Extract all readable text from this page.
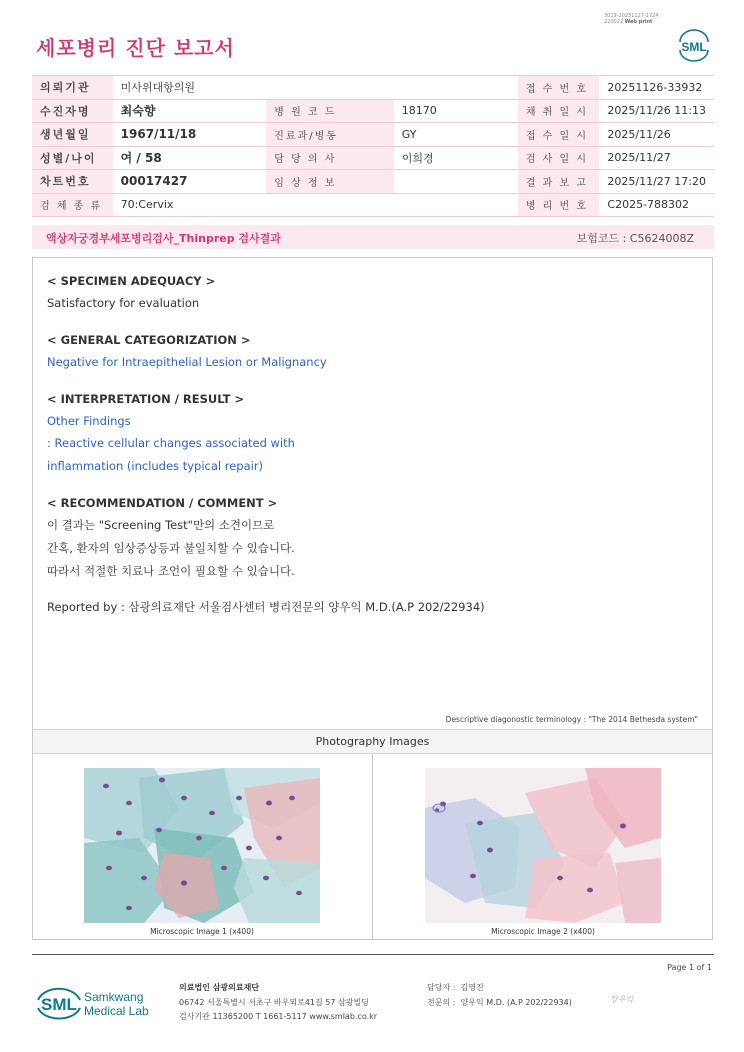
세포병리 진단 보고서
3019-20251127-1724
220022 Web print
SML
의뢰기관	미사위대항의원			접 수 번 호	20251126-33932
수진자명	최숙향	병 원 코 드	18170	채 취 일 시	2025/11/26 11:13
생년월일	1967/11/18	진료과/병동	GY	접 수 일 시	2025/11/26
성별/나이	여 / 58	담 당 의 사	이희경	검 사 일 시	2025/11/27
차트번호	00017427	임 상 정 보		결 과 보 고	2025/11/27 17:20
검 체 종 류	70:Cervix			병 리 번 호	C2025-788302
액상자궁경부세포병리검사_Thinprep 검사결과	보험코드 : C5624008Z
< SPECIMEN ADEQUACY >
Satisfactory for evaluation
< GENERAL CATEGORIZATION >
Negative for Intraepithelial Lesion or Malignancy
< INTERPRETATION / RESULT >
Other Findings
: Reactive cellular changes associated with
inflammation (includes typical repair)
< RECOMMENDATION / COMMENT >
이 결과는 "Screening Test"만의 소견이므로
간혹, 환자의 임상증상등과 불일치할 수 있습니다.
따라서 적절한 치료나 조언이 필요할 수 있습니다.
Reported by : 삼광의료재단 서울검사센터 병리전문의 양우익 M.D.(A.P 202/22934)
Descriptive diagonostic terminology : "The 2014 Bethesda system"
Photography Images
Microscopic Image 1 (x400)	Microscopic Image 2 (x400)
Page 1 of 1
SML Samkwang
Medical Lab
의료법인 삼광의료재단
06742 서울특별시 서초구 바우뫼로41길 57 삼광빌딩
검사기관 11365200 T 1661-5117 www.smlab.co.kr
담당자 : 김영진
전문의 : 양우익 M.D. (A.P 202/22934)	양우익
